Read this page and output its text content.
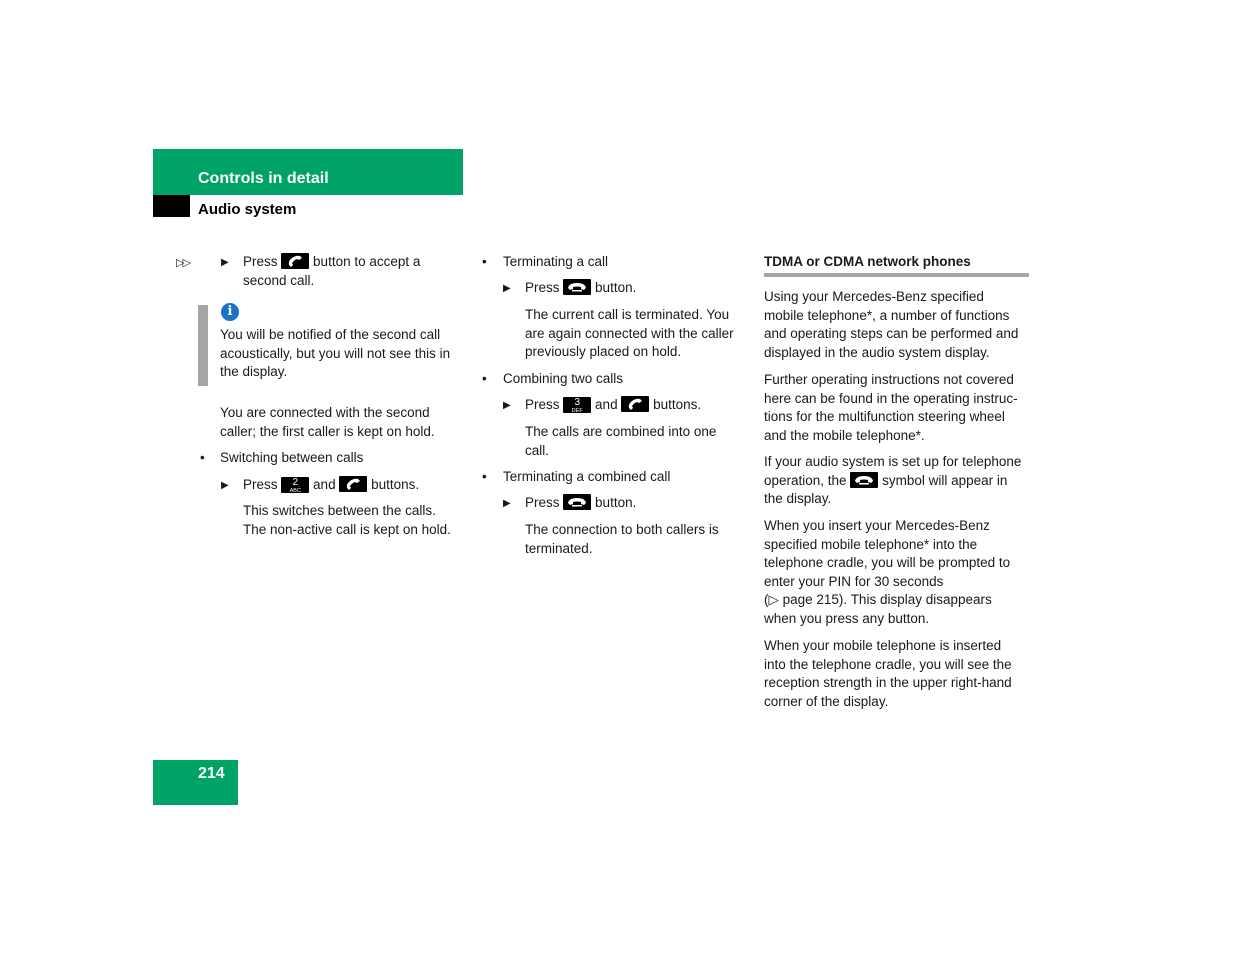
Controls in detail
Audio system
▷▷	▶ Press	button to accept a

second call.

i

You will be notified of the second call

acoustically, but you will not see this in

the display.

You are connected with the second

caller; the first caller is kept on hold.

• Switching between calls
▶ Press	2
ABC and	buttons.

This switches between the calls.

The non-active call is kept on hold.

• Terminating a call
▶ Press	button.

The current call is terminated. You

are again connected with the caller

previously placed on hold.

• Combining two calls
▶ Press	3
DEF and	buttons.

The calls are combined into one

call.

• Terminating a combined call
▶ Press	button.

The connection to both callers is

terminated.

TDMA or CDMA network phones

Using your Mercedes-Benz specified

mobile telephone*, a number of functions

and operating steps can be performed and

displayed in the audio system display.

Further operating instructions not covered

here can be found in the operating instruc-

tions for the multifunction steering wheel

and the mobile telephone*.

If your audio system is set up for telephone

operation, the	symbol will appear in

the display.

When you insert your Mercedes-Benz

specified mobile telephone* into the

telephone cradle, you will be prompted to

enter your PIN for 30 seconds

(▷ page 215). This display disappears

when you press any button.

When your mobile telephone is inserted

into the telephone cradle, you will see the

reception strength in the upper right-hand

corner of the display.

214
